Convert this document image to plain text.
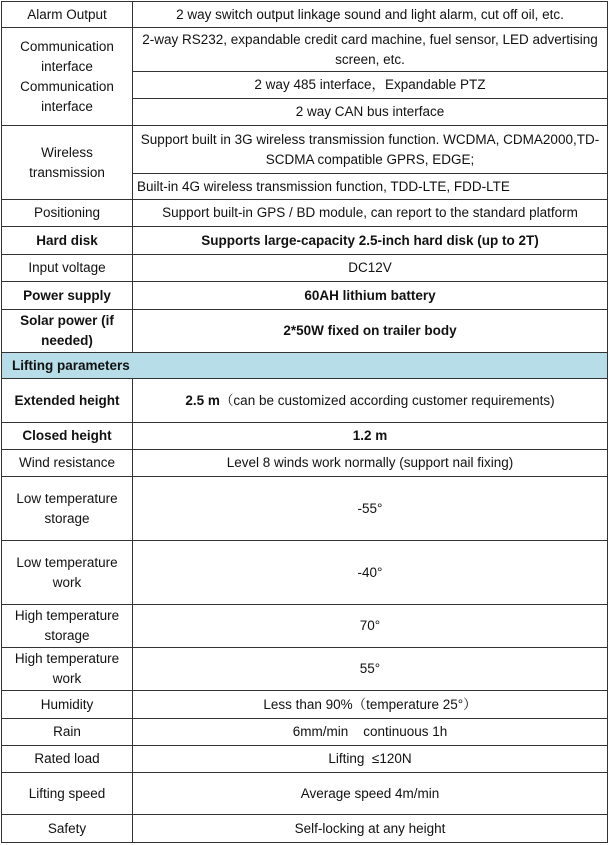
Alarm Output	2 way switch output linkage sound and light alarm, cut off oil, etc.
Communication interface Communication interface	2-way RS232, expandable credit card machine, fuel sensor, LED advertising screen, etc.
	2 way 485 interface，Expandable PTZ
	2 way CAN bus interface
Wireless transmission	Support built in 3G wireless transmission function. WCDMA, CDMA2000,TD-SCDMA compatible GPRS, EDGE;
	Built-in 4G wireless transmission function, TDD-LTE, FDD-LTE
Positioning	Support built-in GPS / BD module, can report to the standard platform
Hard disk	Supports large-capacity 2.5-inch hard disk (up to 2T)
Input voltage	DC12V
Power supply	60AH lithium battery
Solar power (if needed)	2*50W fixed on trailer body
Lifting parameters	
Extended height	2.5 m（can be customized according customer requirements)
Closed height	1.2 m
Wind resistance	Level 8 winds work normally (support nail fixing)
Low temperature storage	-55°
Low temperature work	-40°
High temperature storage	70°
High temperature work	55°
Humidity	Less than 90%（temperature 25°）
Rain	6mm/min    continuous 1h
Rated load	Lifting  ≤120N
Lifting speed	Average speed 4m/min
Safety	Self-locking at any height
